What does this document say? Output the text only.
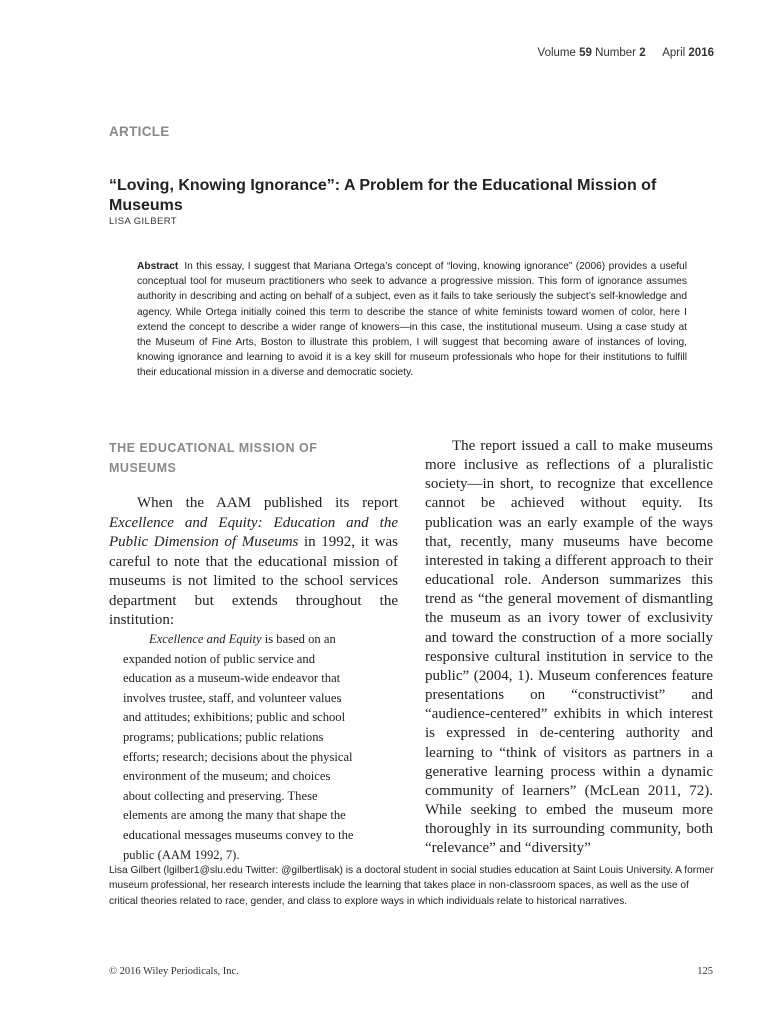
Volume 59 Number 2 April 2016
ARTICLE
“Loving, Knowing Ignorance”: A Problem for the Educational Mission of Museums
LISA GILBERT

Abstract In this essay, I suggest that Mariana Ortega’s concept of “loving, knowing ignorance” (2006) provides a useful conceptual tool for museum practitioners who seek to advance a progressive mission. This form of ignorance assumes authority in describing and acting on behalf of a subject, even as it fails to take seriously the subject’s self-knowledge and agency. While Ortega initially coined this term to describe the stance of white feminists toward women of color, here I extend the concept to describe a wider range of knowers—in this case, the institutional museum. Using a case study at the Museum of Fine Arts, Boston to illustrate this problem, I will suggest that becoming aware of instances of loving, knowing ignorance and learning to avoid it is a key skill for museum professionals who hope for their institutions to fulfill their educational mission in a diverse and democratic society.

THE EDUCATIONAL MISSION OF MUSEUMS

When the AAM published its report Excellence and Equity: Education and the Public Dimension of Museums in 1992, it was careful to note that the educational mission of museums is not limited to the school services department but extends throughout the institution:

Excellence and Equity is based on an expanded notion of public service and education as a museum-wide endeavor that involves trustee, staff, and volunteer values and attitudes; exhibitions; public and school programs; publications; public relations efforts; research; decisions about the physical environment of the museum; and choices about collecting and preserving. These elements are among the many that shape the educational messages museums convey to the public (AAM 1992, 7).

The report issued a call to make museums more inclusive as reflections of a pluralistic society—in short, to recognize that excellence cannot be achieved without equity. Its publication was an early example of the ways that, recently, many museums have become interested in taking a different approach to their educational role. Anderson summarizes this trend as “the general movement of dismantling the museum as an ivory tower of exclusivity and toward the construction of a more socially responsive cultural institution in service to the public” (2004, 1). Museum conferences feature presentations on “constructivist” and “audience-centered” exhibits in which interest is expressed in de-centering authority and learning to “think of visitors as partners in a generative learning process within a dynamic community of learners” (McLean 2011, 72). While seeking to embed the museum more thoroughly in its surrounding community, both “relevance” and “diversity”

Lisa Gilbert (lgilber1@slu.edu Twitter: @gilbertlisak) is a doctoral student in social studies education at Saint Louis University. A former museum professional, her research interests include the learning that takes place in non-classroom spaces, as well as the use of critical theories related to race, gender, and class to explore ways in which individuals relate to historical narratives.

© 2016 Wiley Periodicals, Inc.	125
